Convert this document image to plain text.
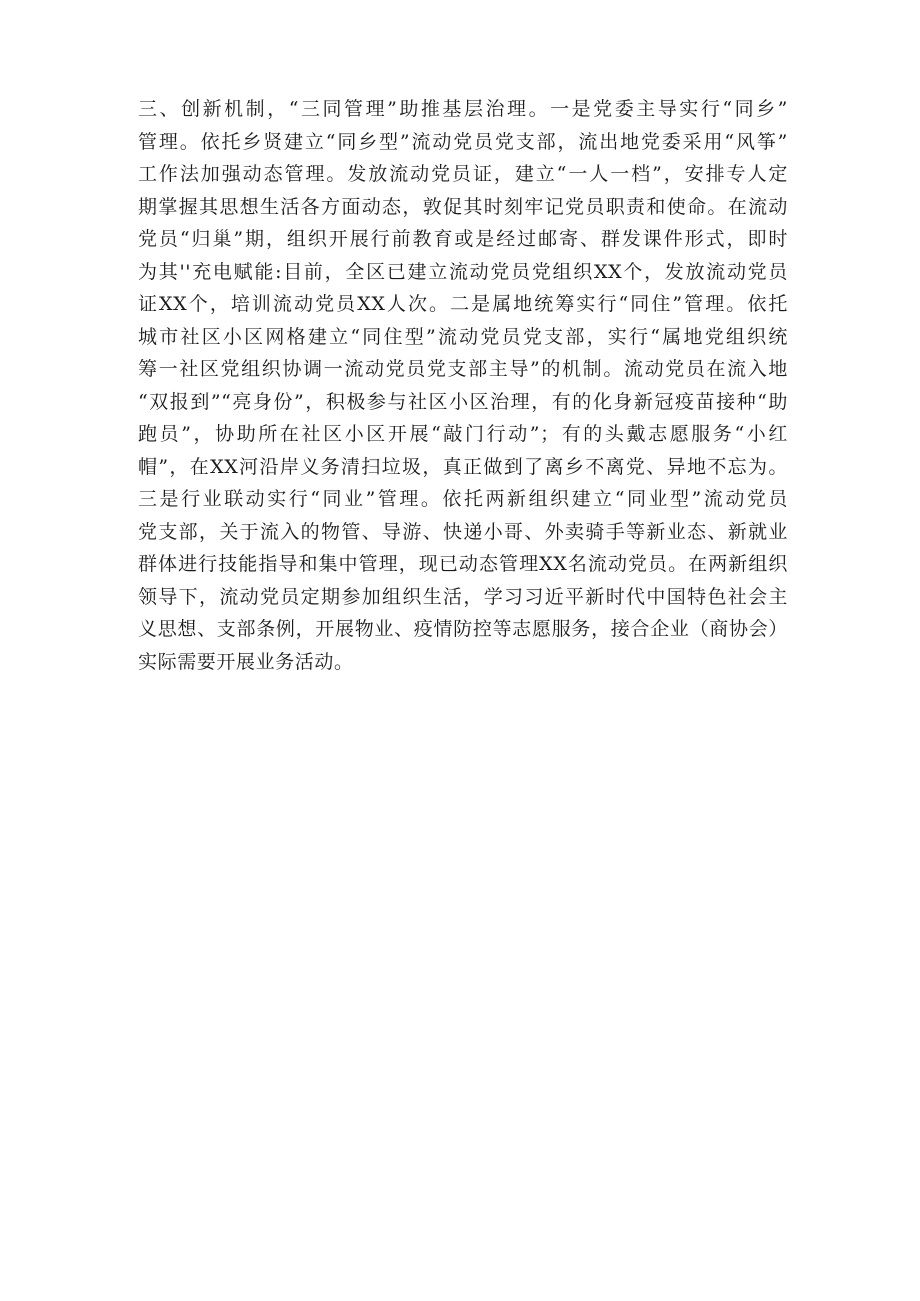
三、创新机制，“三同管理”助推基层治理。一是党委主导实行“同乡”
管理。依托乡贤建立“同乡型”流动党员党支部，流出地党委采用“风筝”
工作法加强动态管理。发放流动党员证，建立“一人一档”，安排专人定
期掌握其思想生活各方面动态，敦促其时刻牢记党员职责和使命。在流动
党员“归巢”期，组织开展行前教育或是经过邮寄、群发课件形式，即时
为其''充电赋能:目前，全区已建立流动党员党组织XX个，发放流动党员
证XX个，培训流动党员XX人次。二是属地统筹实行“同住”管理。依托
城市社区小区网格建立“同住型”流动党员党支部，实行“属地党组织统
筹一社区党组织协调一流动党员党支部主导”的机制。流动党员在流入地
“双报到”“亮身份”，积极参与社区小区治理，有的化身新冠疫苗接种“助
跑员”，协助所在社区小区开展“敲门行动”；有的头戴志愿服务“小红
帽”，在XX河沿岸义务清扫垃圾，真正做到了离乡不离党、异地不忘为。
三是行业联动实行“同业”管理。依托两新组织建立“同业型”流动党员
党支部，关于流入的物管、导游、快递小哥、外卖骑手等新业态、新就业
群体进行技能指导和集中管理，现已动态管理XX名流动党员。在两新组织
领导下，流动党员定期参加组织生活，学习习近平新时代中国特色社会主
义思想、支部条例，开展物业、疫情防控等志愿服务，接合企业（商协会）
实际需要开展业务活动。
